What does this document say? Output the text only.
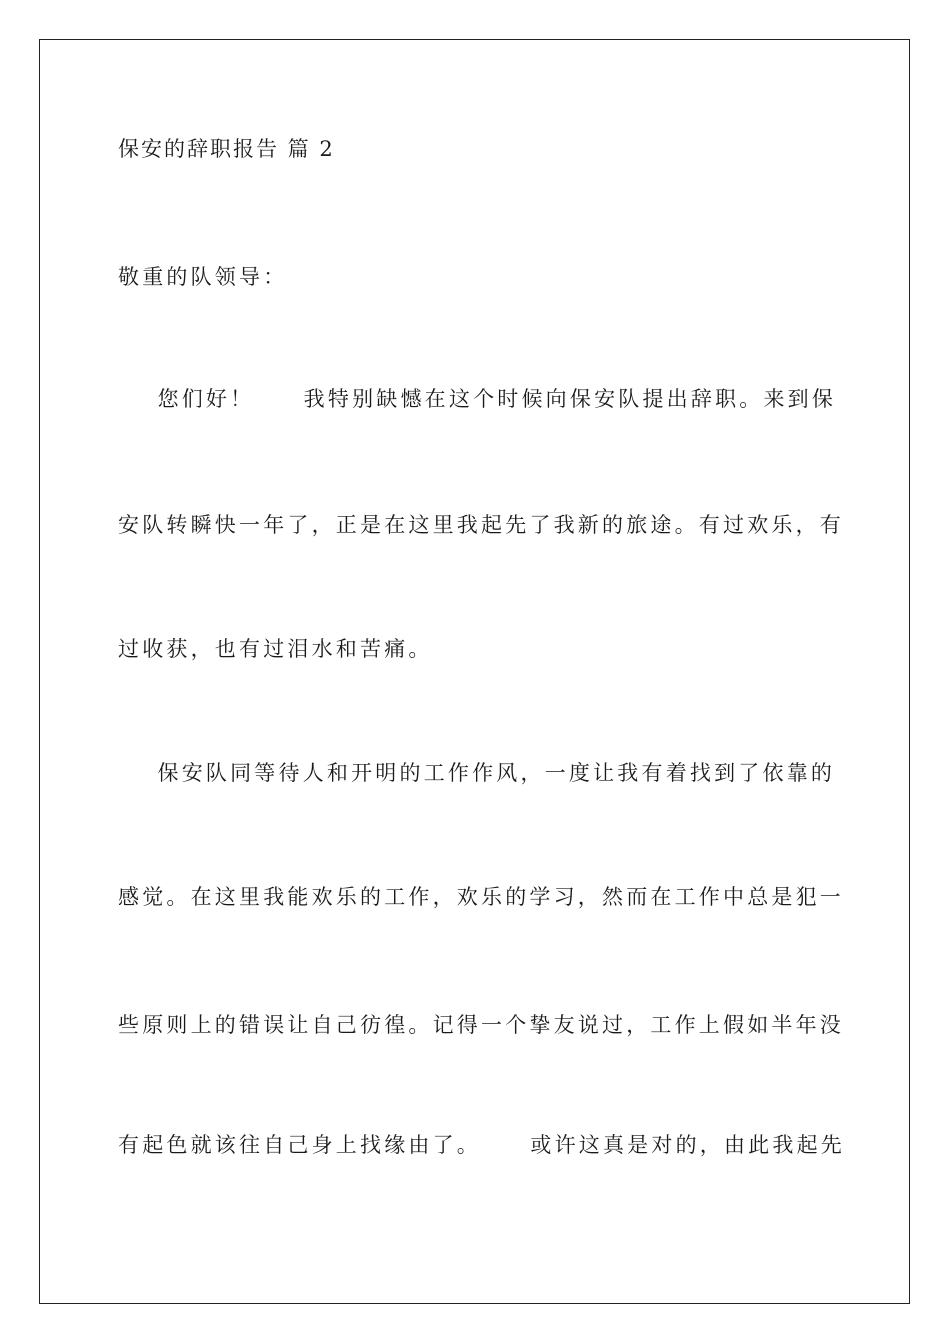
保安的辞职报告 篇 2
敬重的队领导：
您们好！     我特别缺憾在这个时候向保安队提出辞职。来到保
安队转瞬快一年了，正是在这里我起先了我新的旅途。有过欢乐，有
过收获，也有过泪水和苦痛。
保安队同等待人和开明的工作作风，一度让我有着找到了依靠的
感觉。在这里我能欢乐的工作，欢乐的学习，然而在工作中总是犯一
些原则上的错误让自己彷徨。记得一个挚友说过，工作上假如半年没
有起色就该往自己身上找缘由了。     或许这真是对的，由此我起先
